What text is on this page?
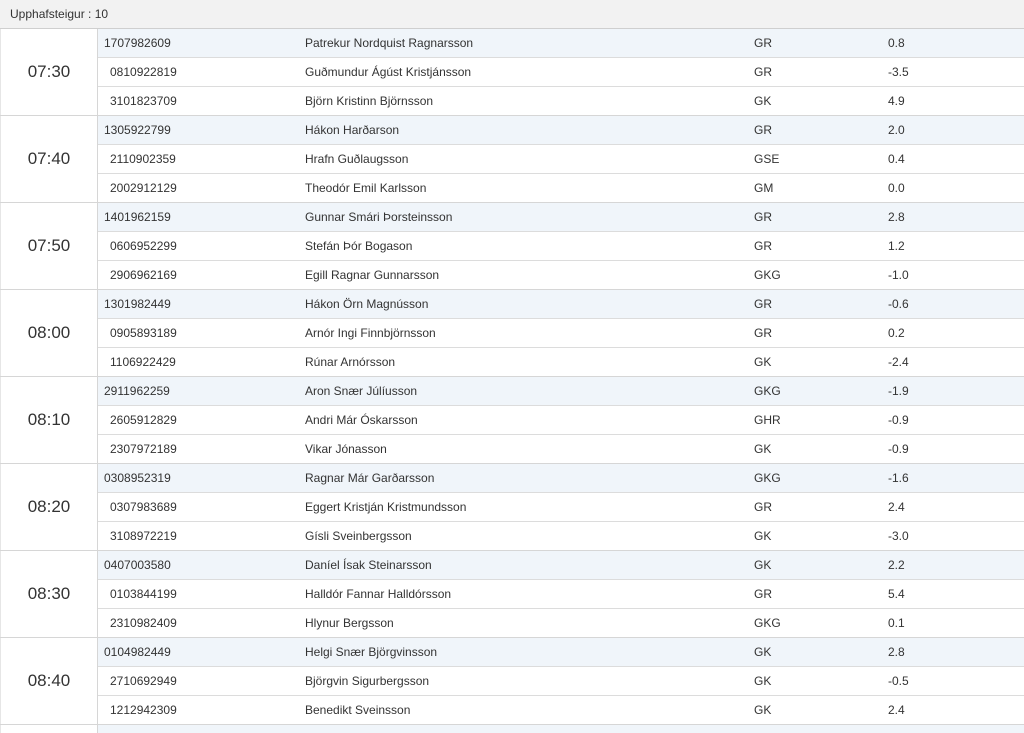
Upphafsteigur : 10
07:30
1707982609	Patrekur Nordquist Ragnarsson	GR	0.8
0810922819	Guðmundur Ágúst Kristjánsson	GR	-3.5
3101823709	Björn Kristinn Björnsson	GK	4.9
07:40
1305922799	Hákon Harðarson	GR	2.0
2110902359	Hrafn Guðlaugsson	GSE	0.4
2002912129	Theodór Emil Karlsson	GM	0.0
07:50
1401962159	Gunnar Smári Þorsteinsson	GR	2.8
0606952299	Stefán Þór Bogason	GR	1.2
2906962169	Egill Ragnar Gunnarsson	GKG	-1.0
08:00
1301982449	Hákon Örn Magnússon	GR	-0.6
0905893189	Arnór Ingi Finnbjörnsson	GR	0.2
1106922429	Rúnar Arnórsson	GK	-2.4
08:10
2911962259	Aron Snær Júlíusson	GKG	-1.9
2605912829	Andri Már Óskarsson	GHR	-0.9
2307972189	Vikar Jónasson	GK	-0.9
08:20
0308952319	Ragnar Már Garðarsson	GKG	-1.6
0307983689	Eggert Kristján Kristmundsson	GR	2.4
3108972219	Gísli Sveinbergsson	GK	-3.0
08:30
0407003580	Daníel Ísak Steinarsson	GK	2.2
0103844199	Halldór Fannar Halldórsson	GR	5.4
2310982409	Hlynur Bergsson	GKG	0.1
08:40
0104982449	Helgi Snær Björgvinsson	GK	2.8
2710692949	Björgvin Sigurbergsson	GK	-0.5
1212942309	Benedikt Sveinsson	GK	2.4
